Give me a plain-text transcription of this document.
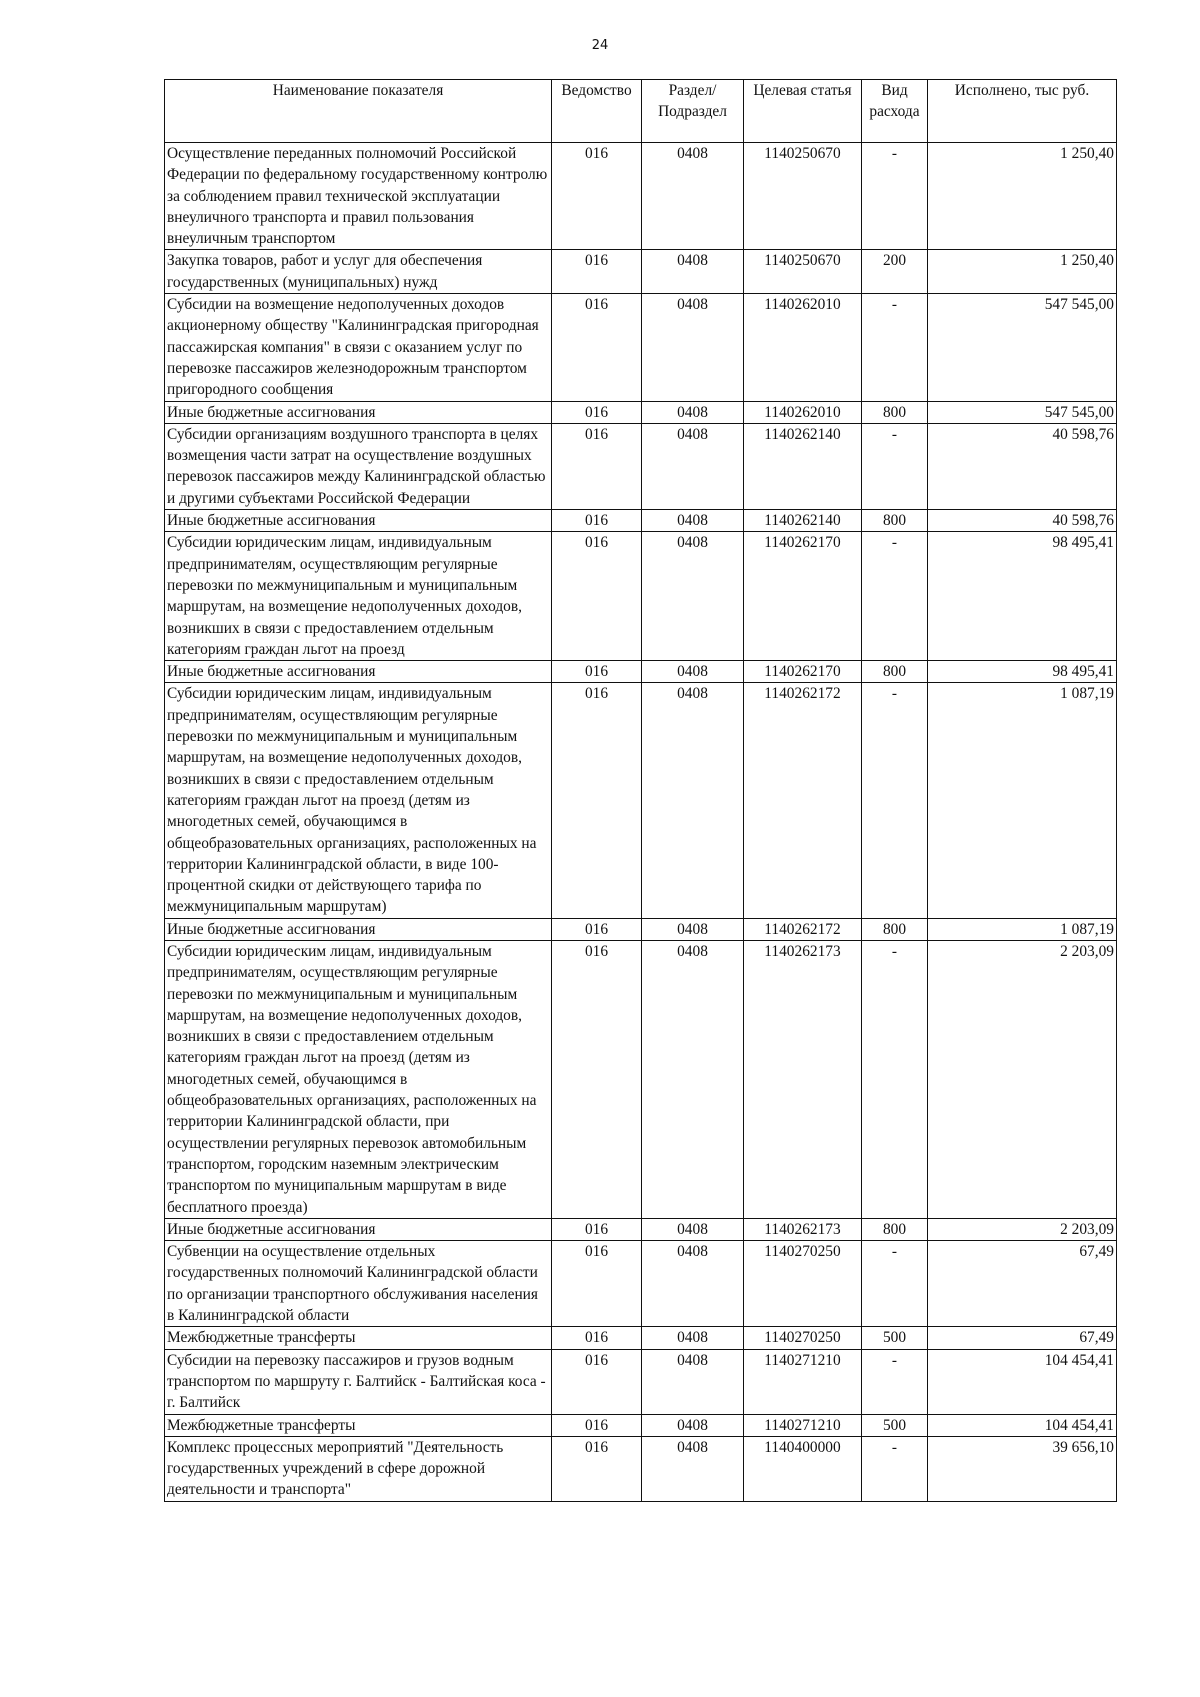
24
Наименование показателя	Ведомство	Раздел/ Подраздел	Целевая статья	Вид расхода	Исполнено, тыс руб.
Осуществление переданных полномочий Российской Федерации по федеральному государственному контролю за соблюдением правил технической эксплуатации внеуличного транспорта и правил пользования внеуличным транспортом	016	0408	1140250670	-	1 250,40
Закупка товаров, работ и услуг для обеспечения государственных (муниципальных) нужд	016	0408	1140250670	200	1 250,40
Субсидии на возмещение недополученных доходов акционерному обществу "Калининградская пригородная пассажирская компания" в связи с оказанием услуг по перевозке пассажиров железнодорожным транспортом пригородного сообщения	016	0408	1140262010	-	547 545,00
Иные бюджетные ассигнования	016	0408	1140262010	800	547 545,00
Субсидии организациям воздушного транспорта в целях возмещения части затрат на осуществление воздушных перевозок пассажиров между Калининградской областью и другими субъектами Российской Федерации	016	0408	1140262140	-	40 598,76
Иные бюджетные ассигнования	016	0408	1140262140	800	40 598,76
Субсидии юридическим лицам, индивидуальным предпринимателям, осуществляющим регулярные перевозки по межмуниципальным и муниципальным маршрутам, на возмещение недополученных доходов, возникших в связи с предоставлением отдельным категориям граждан льгот на проезд	016	0408	1140262170	-	98 495,41
Иные бюджетные ассигнования	016	0408	1140262170	800	98 495,41
Субсидии юридическим лицам, индивидуальным предпринимателям, осуществляющим регулярные перевозки по межмуниципальным и муниципальным маршрутам, на возмещение недополученных доходов, возникших в связи с предоставлением отдельным категориям граждан льгот на проезд (детям из многодетных семей, обучающимся в общеобразовательных организациях, расположенных на территории Калининградской области, в виде 100-процентной скидки от действующего тарифа по межмуниципальным маршрутам)	016	0408	1140262172	-	1 087,19
Иные бюджетные ассигнования	016	0408	1140262172	800	1 087,19
Субсидии юридическим лицам, индивидуальным предпринимателям, осуществляющим регулярные перевозки по межмуниципальным и муниципальным маршрутам, на возмещение недополученных доходов, возникших в связи с предоставлением отдельным категориям граждан льгот на проезд (детям из многодетных семей, обучающимся в общеобразовательных организациях, расположенных на территории Калининградской области, при осуществлении регулярных перевозок автомобильным транспортом, городским наземным электрическим транспортом по муниципальным маршрутам в виде бесплатного проезда)	016	0408	1140262173	-	2 203,09
Иные бюджетные ассигнования	016	0408	1140262173	800	2 203,09
Субвенции на осуществление отдельных государственных полномочий Калининградской области по организации транспортного обслуживания населения в Калининградской области	016	0408	1140270250	-	67,49
Межбюджетные трансферты	016	0408	1140270250	500	67,49
Субсидии на перевозку пассажиров и грузов водным транспортом по маршруту г. Балтийск - Балтийская коса - г. Балтийск	016	0408	1140271210	-	104 454,41
Межбюджетные трансферты	016	0408	1140271210	500	104 454,41
Комплекс процессных мероприятий "Деятельность государственных учреждений в сфере дорожной деятельности и транспорта"	016	0408	1140400000	-	39 656,10
